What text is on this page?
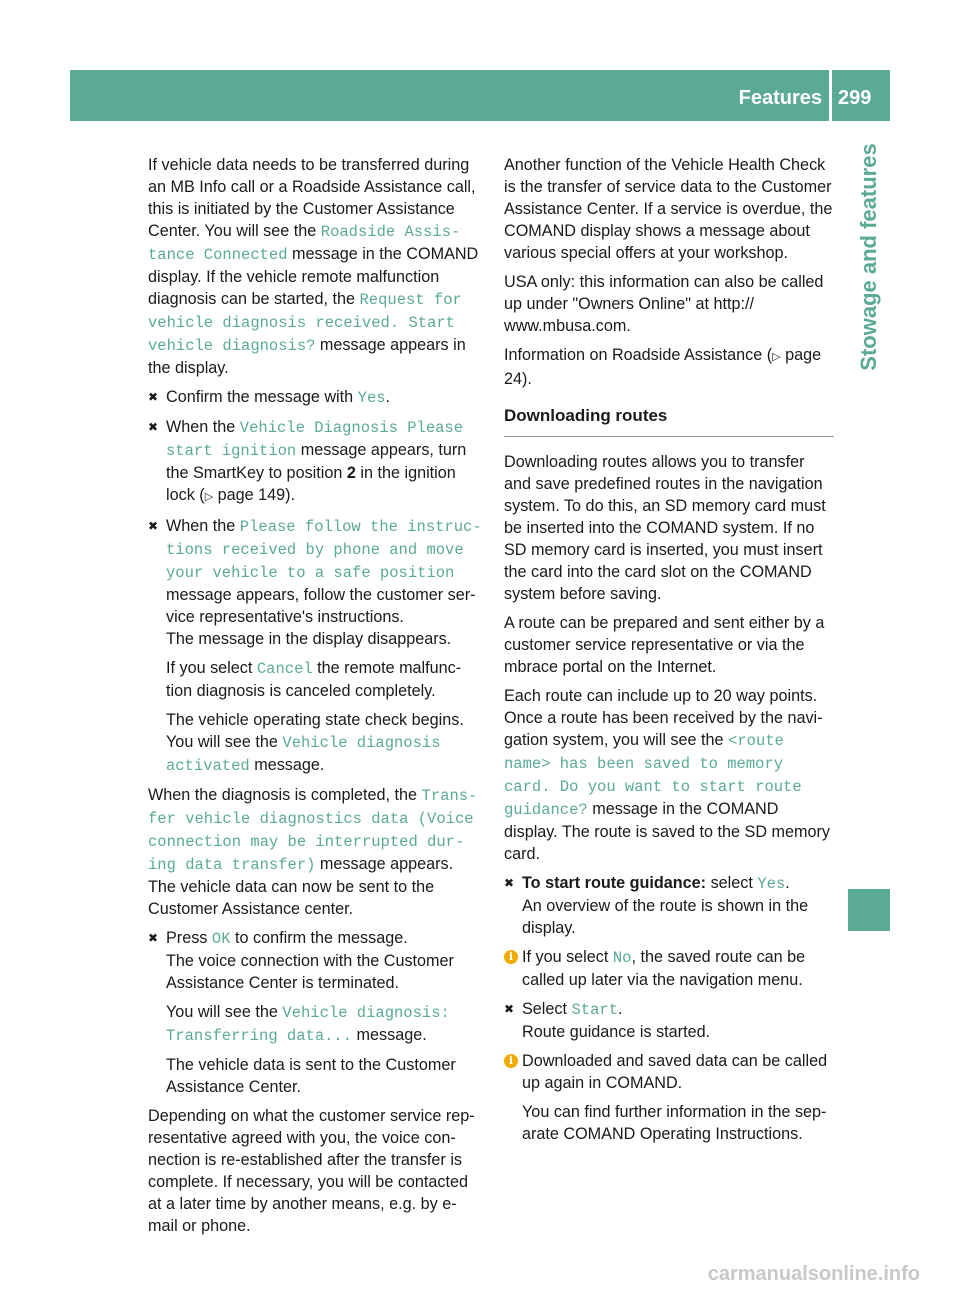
Features 299
Stowage and features

If vehicle data needs to be transferred during an MB Info call or a Roadside Assistance call, this is initiated by the Customer Assistance Center. You will see the Roadside Assis‐ tance Connected message in the COMAND display. If the vehicle remote malfunction diagnosis can be started, the Request for vehicle diagnosis received. Start vehicle diagnosis? message appears in the display.

✖ Confirm the message with Yes.
✖ When the Vehicle Diagnosis Please start ignition message appears, turn the SmartKey to position 2 in the ignition lock (▷ page 149).
✖ When the Please follow the instruc‐ tions received by phone and move your vehicle to a safe position message appears, follow the customer ser- vice representative's instructions.
The message in the display disappears.
If you select Cancel the remote malfunc- tion diagnosis is canceled completely.
The vehicle operating state check begins. You will see the Vehicle diagnosis activated message.

When the diagnosis is completed, the Trans‐ fer vehicle diagnostics data (Voice connection may be interrupted dur‐ ing data transfer) message appears. The vehicle data can now be sent to the Customer Assistance center.

✖ Press OK to confirm the message.
The voice connection with the Customer Assistance Center is terminated.
You will see the Vehicle diagnosis: Transferring data... message.
The vehicle data is sent to the Customer Assistance Center.

Depending on what the customer service rep- resentative agreed with you, the voice con- nection is re-established after the transfer is complete. If necessary, you will be contacted at a later time by another means, e.g. by e- mail or phone.

Another function of the Vehicle Health Check is the transfer of service data to the Customer Assistance Center. If a service is overdue, the COMAND display shows a message about various special offers at your workshop.

USA only: this information can also be called up under "Owners Online" at http:// www.mbusa.com.

Information on Roadside Assistance (▷ page 24).

Downloading routes

Downloading routes allows you to transfer and save predefined routes in the navigation system. To do this, an SD memory card must be inserted into the COMAND system. If no SD memory card is inserted, you must insert the card into the card slot on the COMAND system before saving.

A route can be prepared and sent either by a customer service representative or via the mbrace portal on the Internet.

Each route can include up to 20 way points. Once a route has been received by the navi- gation system, you will see the <route name> has been saved to memory card. Do you want to start route guidance? message in the COMAND display. The route is saved to the SD memory card.

✖ To start route guidance: select Yes.
An overview of the route is shown in the display.
i If you select No, the saved route can be called up later via the navigation menu.
✖ Select Start.
Route guidance is started.
i Downloaded and saved data can be called up again in COMAND.
You can find further information in the sep- arate COMAND Operating Instructions.
carmanualsonline.info
